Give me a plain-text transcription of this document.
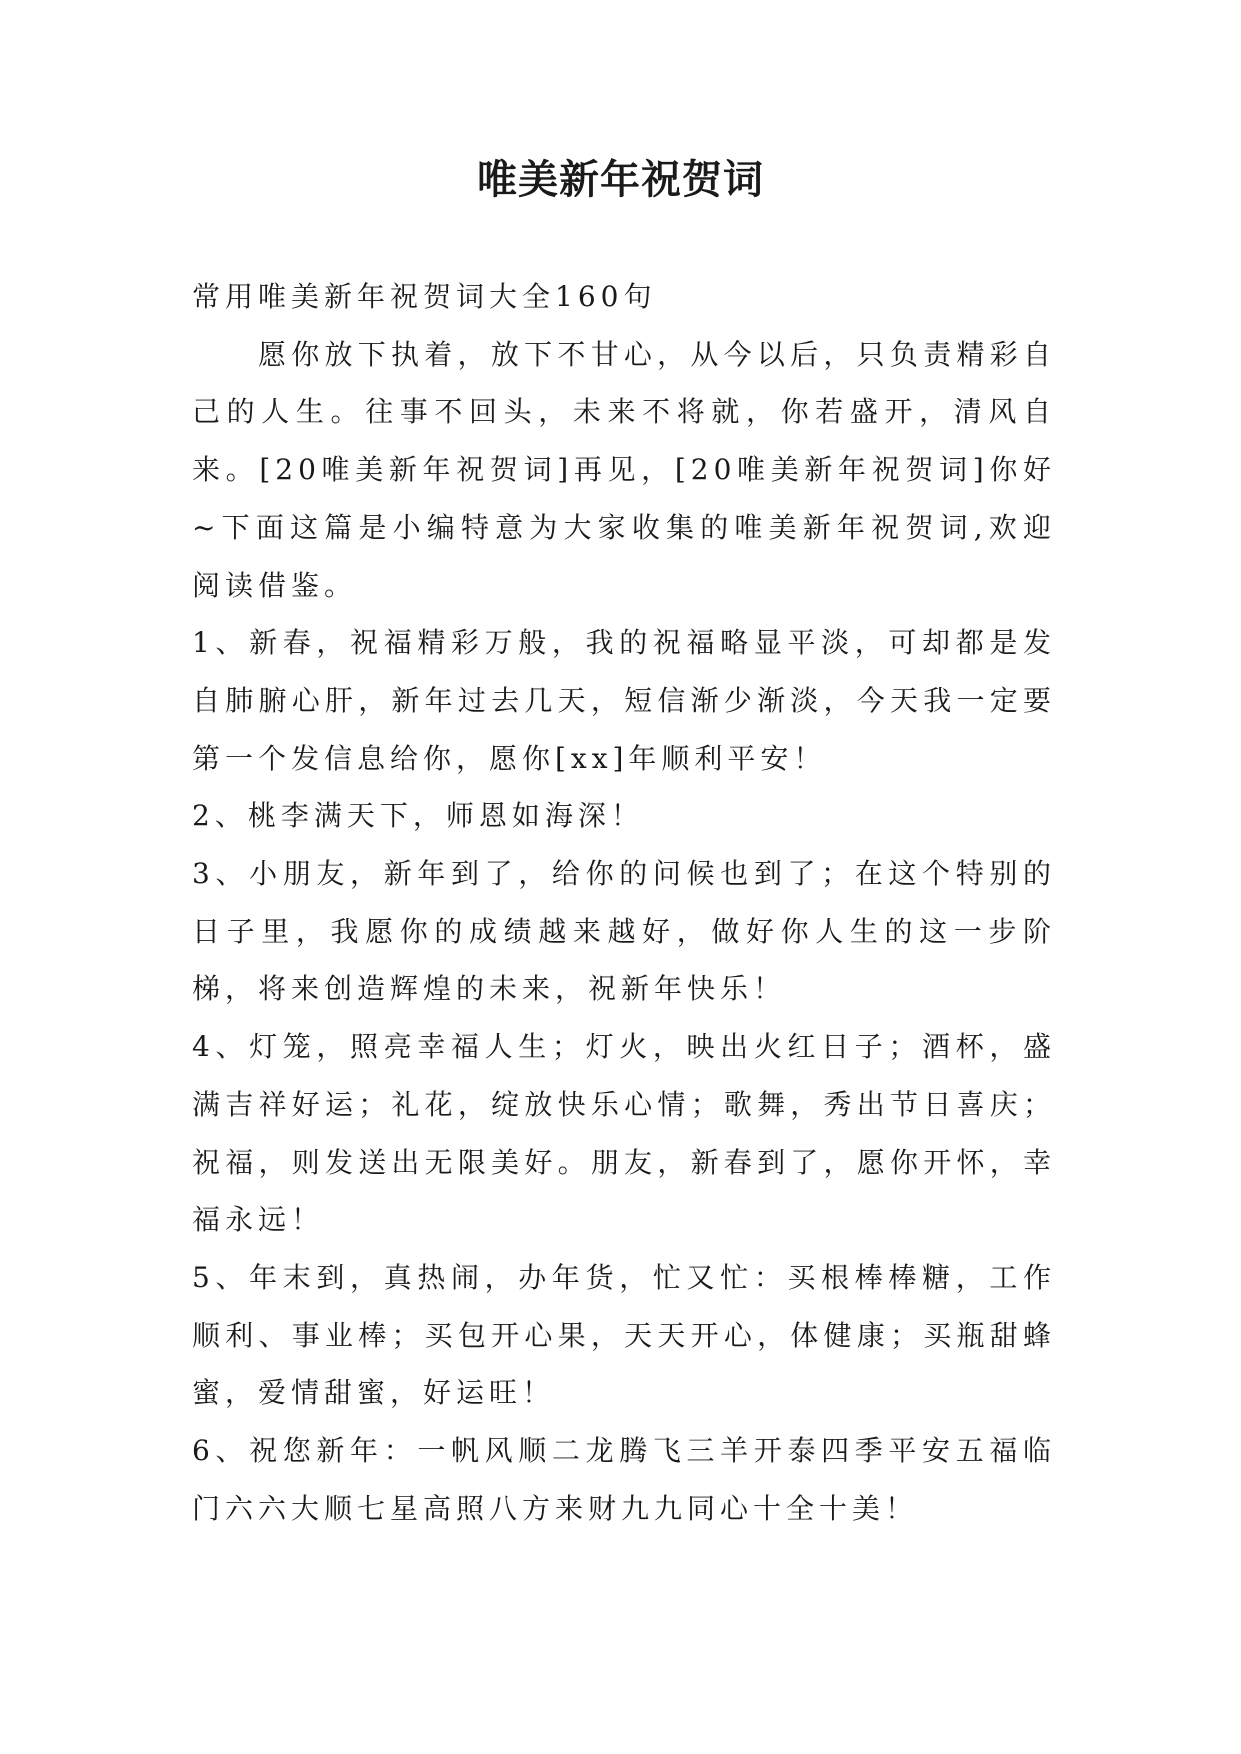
唯美新年祝贺词

常用唯美新年祝贺词大全160句

愿你放下执着，放下不甘心，从今以后，只负责精彩自己的人生。往事不回头，未来不将就，你若盛开，清风自来。[20唯美新年祝贺词]再见，[20唯美新年祝贺词]你好~下面这篇是小编特意为大家收集的唯美新年祝贺词,欢迎阅读借鉴。

1、新春，祝福精彩万般，我的祝福略显平淡，可却都是发自肺腑心肝，新年过去几天，短信渐少渐淡，今天我一定要第一个发信息给你，愿你[xx]年顺利平安！

2、桃李满天下，师恩如海深！

3、小朋友，新年到了，给你的问候也到了；在这个特别的日子里，我愿你的成绩越来越好，做好你人生的这一步阶梯，将来创造辉煌的未来，祝新年快乐！

4、灯笼，照亮幸福人生；灯火，映出火红日子；酒杯，盛满吉祥好运；礼花，绽放快乐心情；歌舞，秀出节日喜庆；祝福，则发送出无限美好。朋友，新春到了，愿你开怀，幸福永远！

5、年末到，真热闹，办年货，忙又忙：买根棒棒糖，工作顺利、事业棒；买包开心果，天天开心，体健康；买瓶甜蜂蜜，爱情甜蜜，好运旺！

6、祝您新年：一帆风顺二龙腾飞三羊开泰四季平安五福临门六六大顺七星高照八方来财九九同心十全十美！
